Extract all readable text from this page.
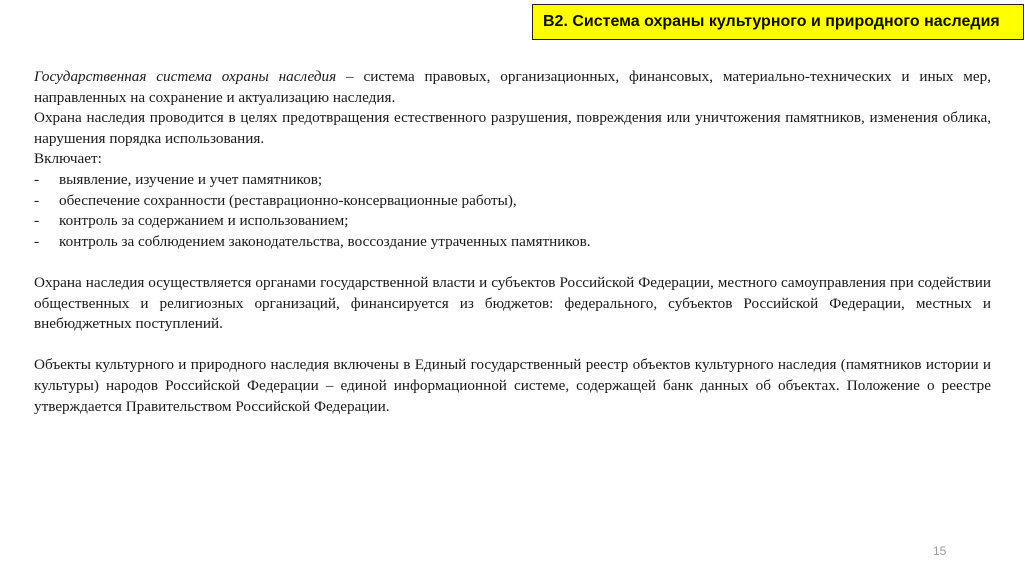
B2. Система охраны культурного и природного наследия

Государственная система охраны наследия – система правовых, организационных, финансовых, материально-технических и иных мер, направленных на сохранение и актуализацию наследия.

Охрана наследия проводится в целях предотвращения естественного разрушения, повреждения или уничтожения памятников, изменения облика, нарушения порядка использования.

Включает:

- выявление, изучение и учет памятников;
- обеспечение сохранности (реставрационно-консервационные работы),
- контроль за содержанием и использованием;
- контроль за соблюдением законодательства, воссоздание утраченных памятников.

Охрана наследия осуществляется органами государственной власти и субъектов Российской Федерации, местного самоуправления при содействии общественных и религиозных организаций, финансируется из бюджетов: федерального, субъектов Российской Федерации, местных и внебюджетных поступлений.

Объекты культурного и природного наследия включены в Единый государственный реестр объектов культурного наследия (памятников истории и культуры) народов Российской Федерации – единой информационной системе, содержащей банк данных об объектах. Положение о реестре утверждается Правительством Российской Федерации.

15
